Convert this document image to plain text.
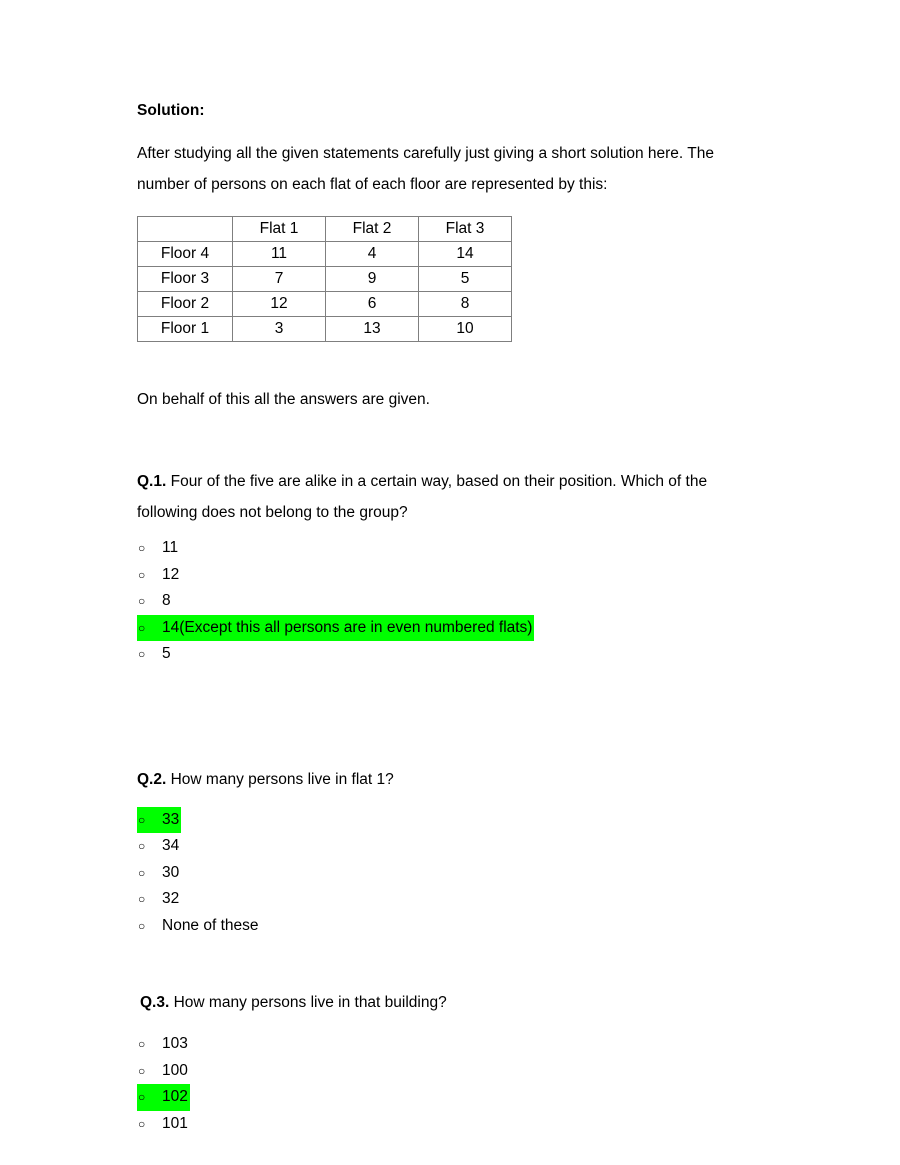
Solution:

After studying all the given statements carefully just giving a short solution here. The number of persons on each flat of each floor are represented by this:

	Flat 1	Flat 2	Flat 3
Floor 4	11	4	14
Floor 3	7	9	5
Floor 2	12	6	8
Floor 1	3	13	10

On behalf of this all the answers are given.

Q.1. Four of the five are alike in a certain way, based on their position. Which of the following does not belong to the group?

○	11
○	12
○	8
○	14(Except this all persons are in even numbered flats)
○	5

Q.2. How many persons live in flat 1?

○	33
○	34
○	30
○	32
○	None of these

Q.3. How many persons live in that building?

○	103
○	100
○	102
○	101
